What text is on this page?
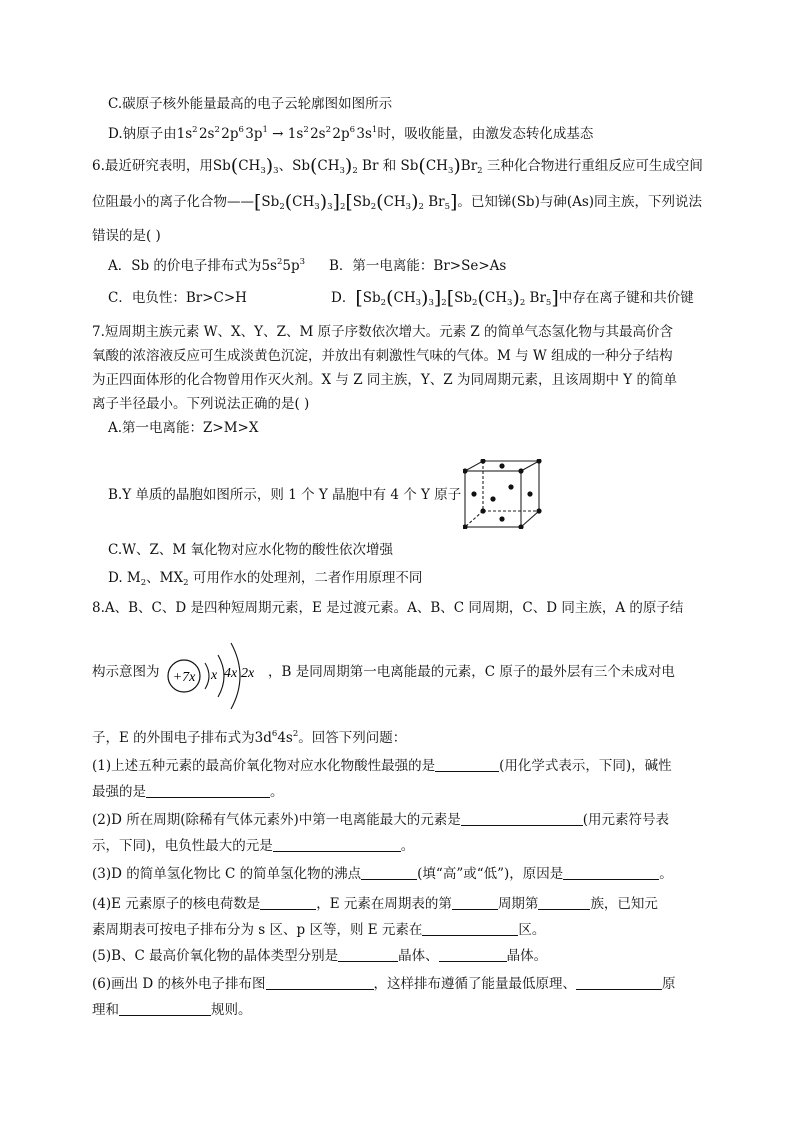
C.碳原子核外能量最高的电子云轮廓图如图所示
D.钠原子由$1s^2$ $2s^2$ $2p^6$ $3p^1 \to 1s^2$ $2s^2$ $2p^6$ $3s^1$时，吸收能量，由激发态转化成基态
6.最近研究表明，用$Sb(CH_3)_3$、$Sb(CH_3)_2$ Br 和 $Sb(CH_3)Br_2$ 三种化合物进行重组反应可生成空间
位阻最小的离子化合物$——[Sb_2(CH_3)_3]_2[Sb_2(CH_3)_2$ $Br_5$]。已知锑(Sb)与砷(As)同主族，下列说法
错误的是( )
A．Sb 的价电子排布式为$5s^25p^3$ B．第一电离能：Br>Se>As
C．电负性：Br>C>H	D．$[Sb_2(CH_3)_3]_2[Sb_2(CH_3)_2$ $Br_5$]中存在离子键和共价键
7.短周期主族元素 W、X、Y、Z、M 原子序数依次增大。元素 Z 的简单气态氢化物与其最高价含
氧酸的浓溶液反应可生成淡黄色沉淀，并放出有刺激性气味的气体。M 与 W 组成的一种分子结构
为正四面体形的化合物曾用作灭火剂。X 与 Z 同主族，Y、Z 为同周期元素，且该周期中 Y 的简单
离子半径最小。下列说法正确的是( )
A.第一电离能：Z>M>X
B.Y 单质的晶胞如图所示，则 1 个 Y 晶胞中有 4 个 Y 原子
C.W、Z、M 氧化物对应水化物的酸性依次增强
D. $M_2$、$MX_2$ 可用作水的处理剂，二者作用原理不同
8.A、B、C、D 是四种短周期元素，E 是过渡元素。A、B、C 同周期，C、D 同主族，A 的原子结
构示意图为 +7x x 4x 2x ，B 是同周期第一电离能最的元素，C 原子的最外层有三个未成对电
子，E 的外围电子排布式为$3d^64s^2$。回答下列问题：
(1)上述五种元素的最高价氧化物对应水化物酸性最强的是	(用化学式表示，下同)，碱性
最强的是	。
(2)D 所在周期(除稀有气体元素外)中第一电离能最大的元素是	(用元素符号表
示，下同)，电负性最大的元是	。
(3)D 的简单氢化物比 C 的简单氢化物的沸点	(填“高”或“低”)，原因是	。
(4)E 元素原子的核电荷数是	，E 元素在周期表的第	周期第	族，已知元
素周期表可按电子排布分为 s 区、p 区等，则 E 元素在	区。
(5)B、C 最高价氧化物的晶体类型分别是	晶体、	晶体。
(6)画出 D 的核外电子排布图	，这样排布遵循了能量最低原理、	原
理和	规则。
